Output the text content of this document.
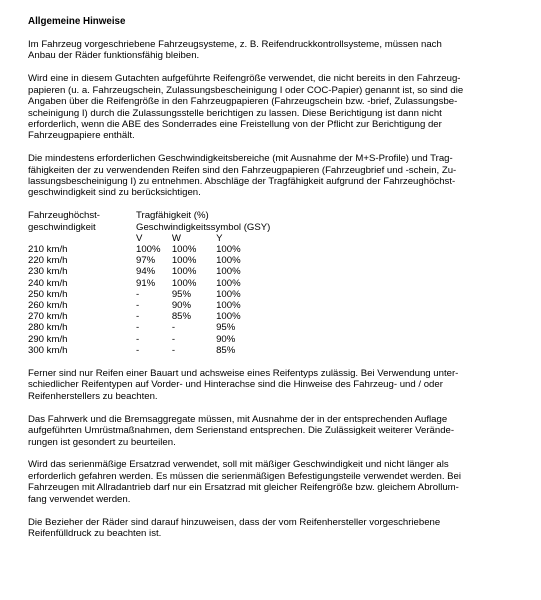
Allgemeine Hinweise

Im Fahrzeug vorgeschriebene Fahrzeugsysteme, z. B. Reifendruckkontrollsysteme, müssen nach
Anbau der Räder funktionsfähig bleiben.

Wird eine in diesem Gutachten aufgeführte Reifengröße verwendet, die nicht bereits in den Fahrzeug-
papieren (u. a. Fahrzeugschein, Zulassungsbescheinigung I oder COC-Papier) genannt ist, so sind die
Angaben über die Reifengröße in den Fahrzeugpapieren (Fahrzeugschein bzw. -brief, Zulassungsbe-
scheinigung I) durch die Zulassungsstelle berichtigen zu lassen. Diese Berichtigung ist dann nicht
erforderlich, wenn die ABE des Sonderrades eine Freistellung von der Pflicht zur Berichtigung der
Fahrzeugpapiere enthält.

Die mindestens erforderlichen Geschwindigkeitsbereiche (mit Ausnahme der M+S-Profile) und Trag-
fähigkeiten der zu verwendenden Reifen sind den Fahrzeugpapieren (Fahrzeugbrief und -schein, Zu-
lassungsbescheinigung I) zu entnehmen. Abschläge der Tragfähigkeit aufgrund der Fahrzeughöchst-
geschwindigkeit sind zu berücksichtigen.

Fahrzeughöchst-	Tragfähigkeit (%)		
geschwindigkeit	Geschwindigkeitssymbol (GSY)		
	V	W	Y
210 km/h	100%	100%	100%
220 km/h	97%	100%	100%
230 km/h	94%	100%	100%
240 km/h	91%	100%	100%
250 km/h	-	95%	100%
260 km/h	-	90%	100%
270 km/h	-	85%	100%
280 km/h	-	-	95%
290 km/h	-	-	90%
300 km/h	-	-	85%

Ferner sind nur Reifen einer Bauart und achsweise eines Reifentyps zulässig. Bei Verwendung unter-
schiedlicher Reifentypen auf Vorder- und Hinterachse sind die Hinweise des Fahrzeug- und / oder
Reifenherstellers zu beachten.

Das Fahrwerk und die Bremsaggregate müssen, mit Ausnahme der in der entsprechenden Auflage
aufgeführten Umrüstmaßnahmen, dem Serienstand entsprechen. Die Zulässigkeit weiterer Verände-
rungen ist gesondert zu beurteilen.

Wird das serienmäßige Ersatzrad verwendet, soll mit mäßiger Geschwindigkeit und nicht länger als
erforderlich gefahren werden. Es müssen die serienmäßigen Befestigungsteile verwendet werden. Bei
Fahrzeugen mit Allradantrieb darf nur ein Ersatzrad mit gleicher Reifengröße bzw. gleichem Abrollum-
fang verwendet werden.

Die Bezieher der Räder sind darauf hinzuweisen, dass der vom Reifenhersteller vorgeschriebene
Reifenfülldruck zu beachten ist.
